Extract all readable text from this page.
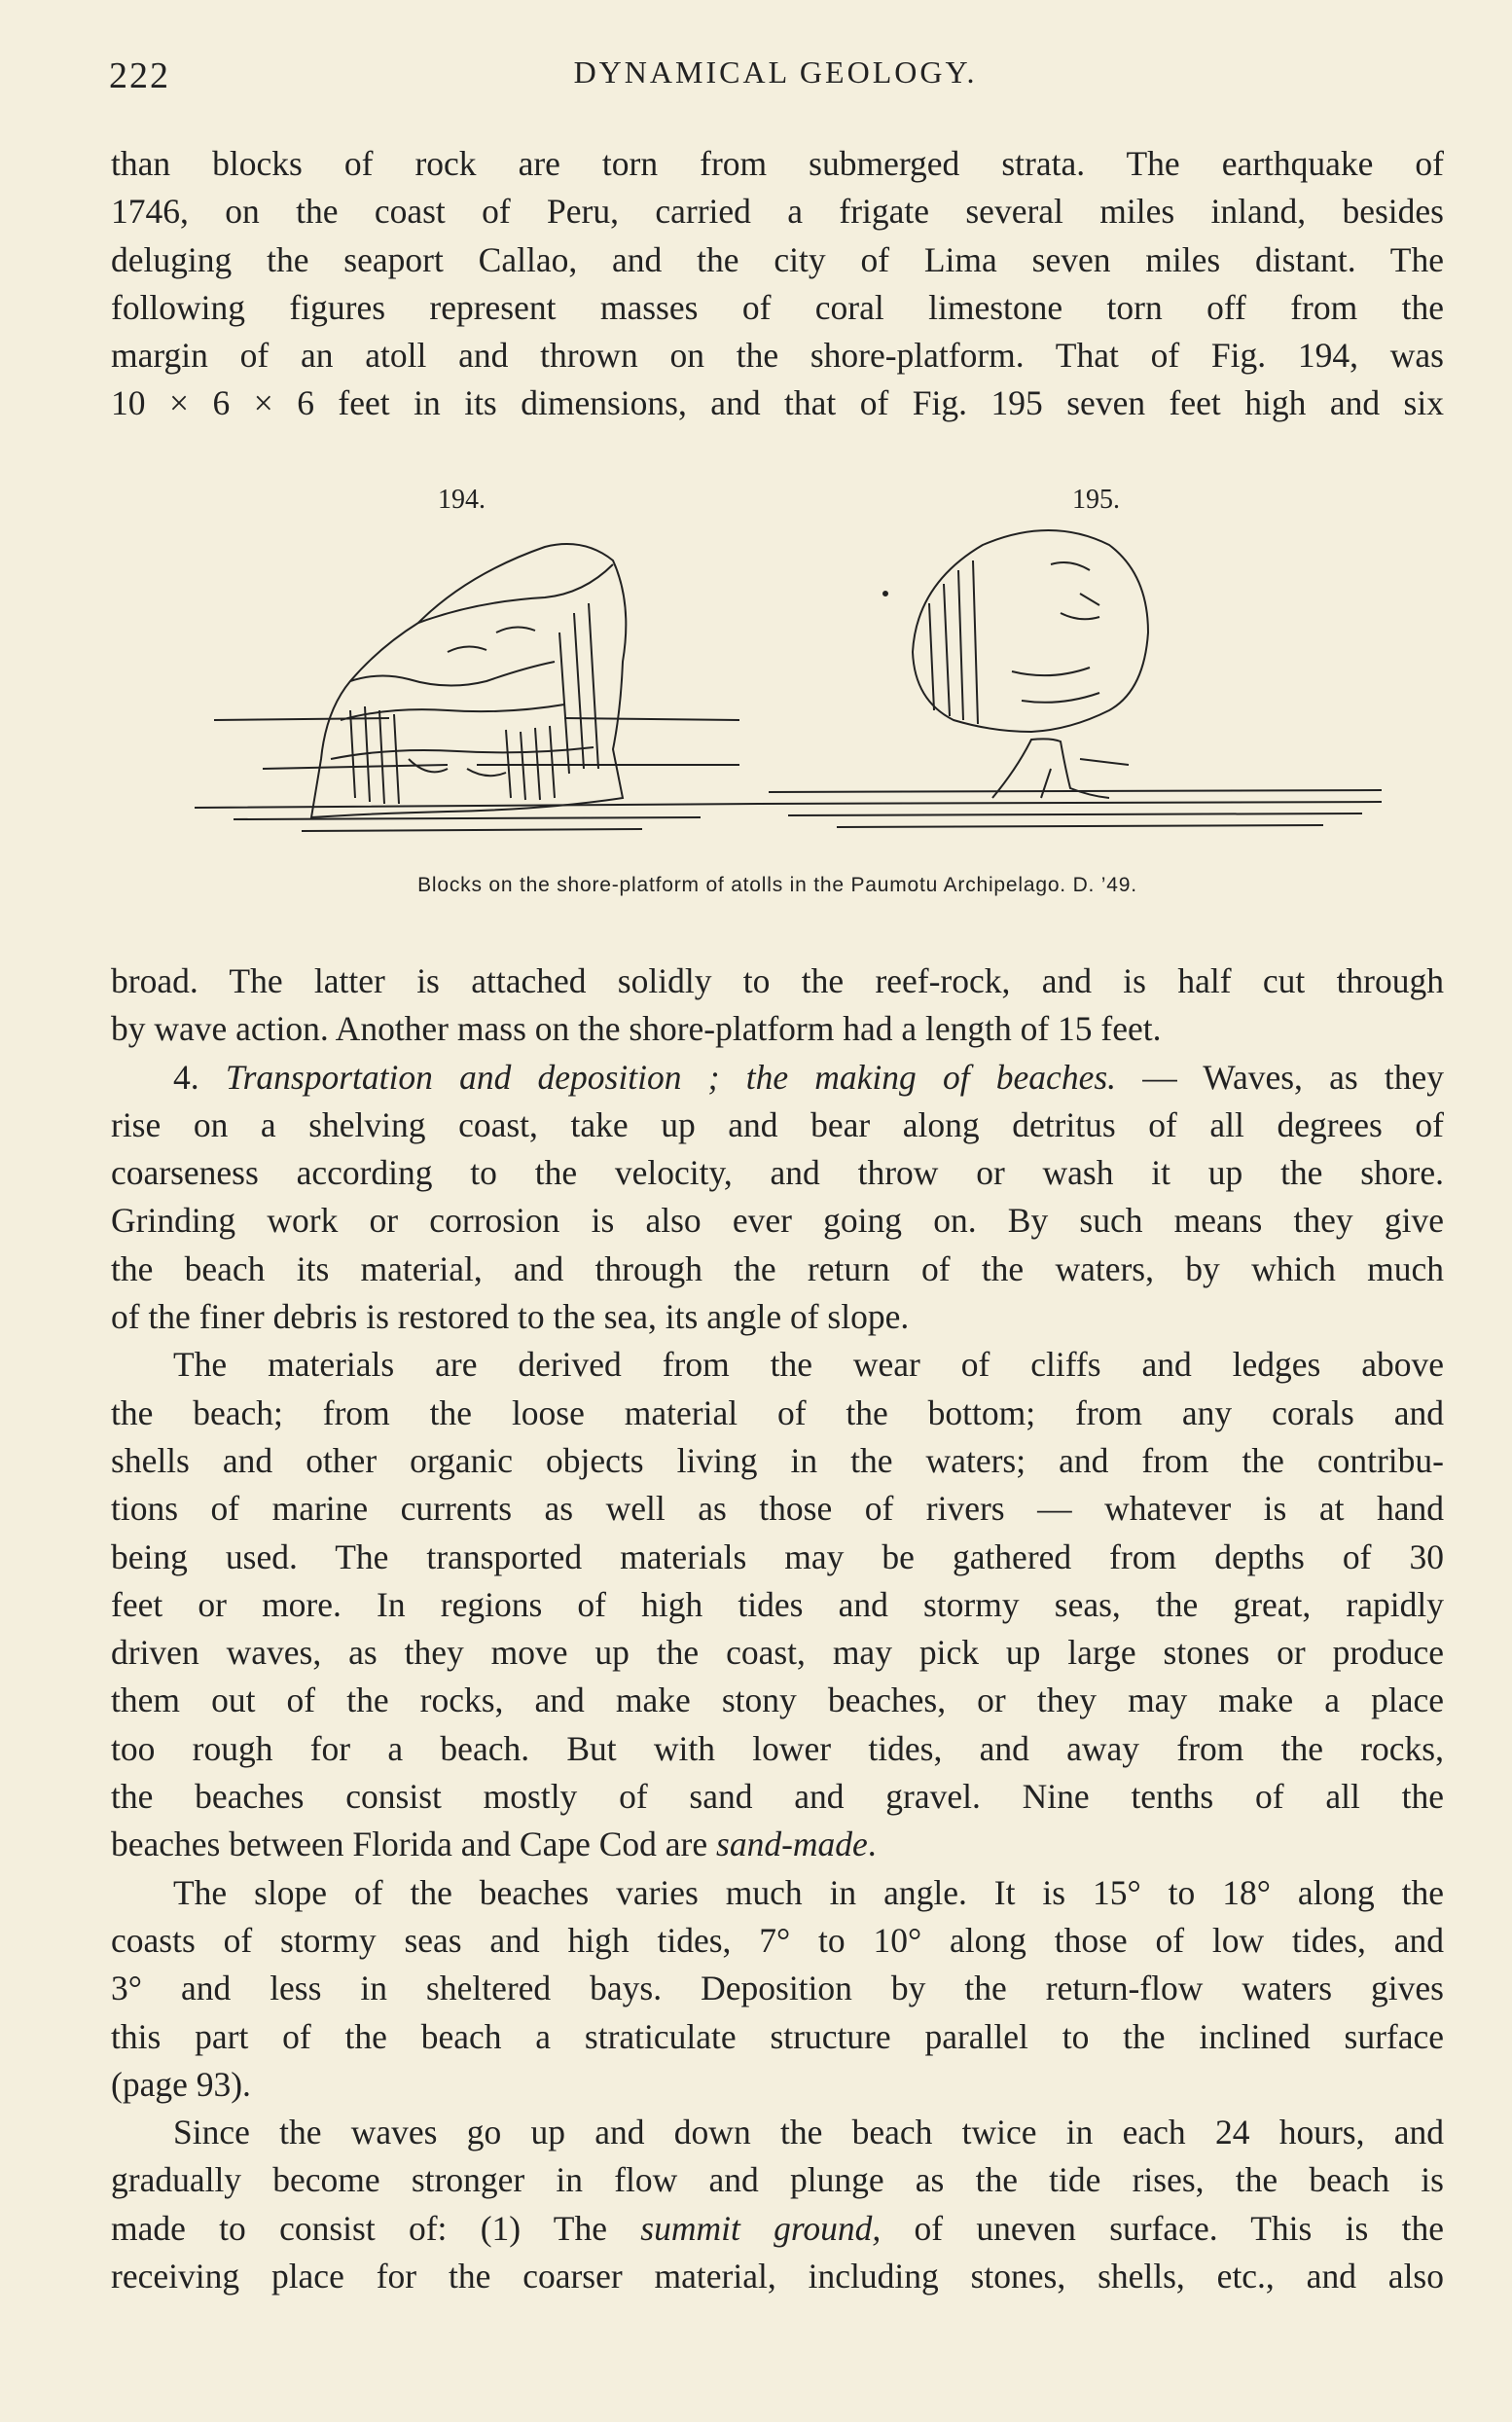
222	DYNAMICAL GEOLOGY.
than blocks of rock are torn from submerged strata. The earthquake of
1746, on the coast of Peru, carried a frigate several miles inland, besides
deluging the seaport Callao, and the city of Lima seven miles distant. The
following figures represent masses of coral limestone torn off from the
margin of an atoll and thrown on the shore-platform. That of Fig. 194, was
10 × 6 × 6 feet in its dimensions, and that of Fig. 195 seven feet high and six
194.	195.
Blocks on the shore-platform of atolls in the Paumotu Archipelago. D. ’49.
broad. The latter is attached solidly to the reef-rock, and is half cut through
by wave action. Another mass on the shore-platform had a length of 15 feet.
4. Transportation and deposition ; the making of beaches. — Waves, as they
rise on a shelving coast, take up and bear along detritus of all degrees of
coarseness according to the velocity, and throw or wash it up the shore.
Grinding work or corrosion is also ever going on. By such means they give
the beach its material, and through the return of the waters, by which much
of the finer debris is restored to the sea, its angle of slope.
The materials are derived from the wear of cliffs and ledges above
the beach; from the loose material of the bottom; from any corals and
shells and other organic objects living in the waters; and from the contribu-
tions of marine currents as well as those of rivers — whatever is at hand
being used. The transported materials may be gathered from depths of 30
feet or more. In regions of high tides and stormy seas, the great, rapidly
driven waves, as they move up the coast, may pick up large stones or produce
them out of the rocks, and make stony beaches, or they may make a place
too rough for a beach. But with lower tides, and away from the rocks,
the beaches consist mostly of sand and gravel. Nine tenths of all the
beaches between Florida and Cape Cod are sand-made.
The slope of the beaches varies much in angle. It is 15° to 18° along the
coasts of stormy seas and high tides, 7° to 10° along those of low tides, and
3° and less in sheltered bays. Deposition by the return-flow waters gives
this part of the beach a straticulate structure parallel to the inclined surface
(page 93).
Since the waves go up and down the beach twice in each 24 hours, and
gradually become stronger in flow and plunge as the tide rises, the beach is
made to consist of: (1) The summit ground, of uneven surface. This is the
receiving place for the coarser material, including stones, shells, etc., and also
